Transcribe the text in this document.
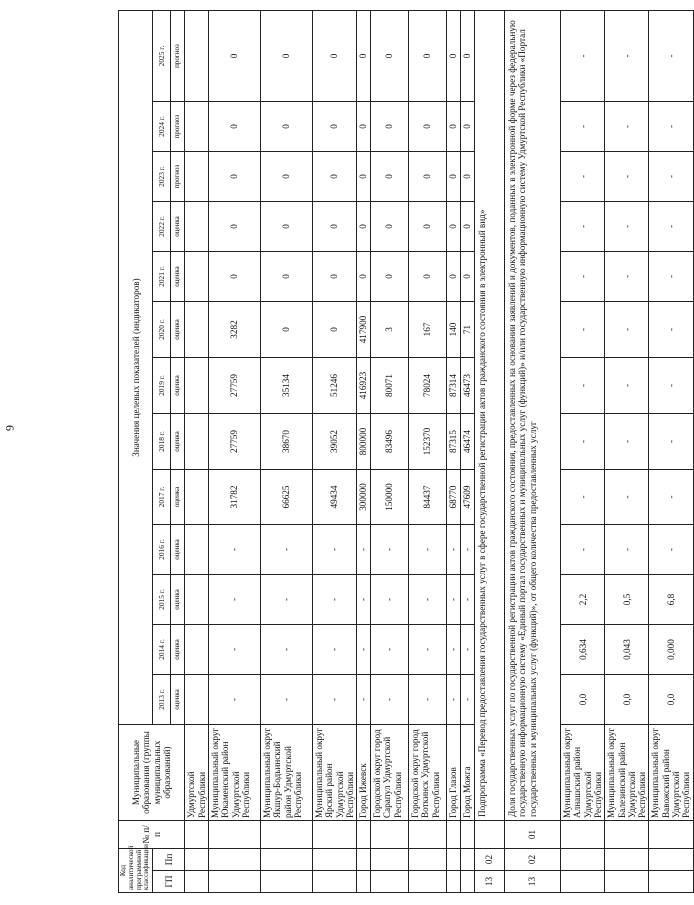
6
Код аналитической программной классификации		№ п/п	Муниципальные образования (группы муниципальных образований)	Значения целевых показателей (индикаторов)												
ГП	Пп			2013 г.	2014 г.	2015 г.	2016 г.	2017 г.	2018 г.	2019 г.	2020 г.	2021 г.	2022 г.	2023 г.	2024 г.	2025 г.
				оценка	оценка	оценка	оценка	оценка	оценка	оценка	оценка	оценка	оценка	прогноз	прогноз	прогноз
			Удмуртской Республики													
			Муниципальный округ Юкаменский район Удмуртской Республики	-	-	-	-	31782	27759	27759	3282	0	0	0	0	0
			Муниципальный округ Якшур-Бодьинский район Удмуртской Республики	-	-	-	-	66625	38670	35134	0	0	0	0	0	0
			Муниципальный округ Ярский район Удмуртской Республики	-	-	-	-	49434	39052	51246	0	0	0	0	0	0
			Город Ижевск	-	-	-	-	300000	800000	416923	417900	0	0	0	0	0
			Городской округ город Сарапул Удмуртской Республики	-	-	-	-	150000	83496	80071	3	0	0	0	0	0
			Городской округ город Воткинск Удмуртской Республики	-	-	-	-	84437	152370	78024	167	0	0	0	0	0
			Город Глазов	-	-	-	-	68770	87315	87314	140	0	0	0	0	0
			Город Можга	-	-	-	-	47609	46474	46473	71	0	0	0	0	0
13	02		Подпрограмма «Перевод предоставления государственных услуг в сфере государственной регистрации актов гражданского состояния в электронный вид»													
13	02	01	Доля государственных услуг по государственной регистрации актов гражданского состояния, предоставленных на основании заявлений и документов, поданных в электронной форме через федеральную государственную информационную систему «Единый портал государственных и муниципальных услуг (функций)» и/или государственную информационную систему Удмуртской Республики «Портал государственных и муниципальных услуг (функций)», от общего количества предоставленных услуг													
			Муниципальный округ Алнашский район Удмуртской Республики	0,0	0,634	2,2	-	-	-	-	-	-	-	-	-	-
			Муниципальный округ Балезинский район Удмуртской Республики	0,0	0,043	0,5	-	-	-	-	-	-	-	-	-	-
			Муниципальный округ Вавожский район Удмуртской Республики	0,0	0,000	6,8	-	-	-	-	-	-	-	-	-	-
